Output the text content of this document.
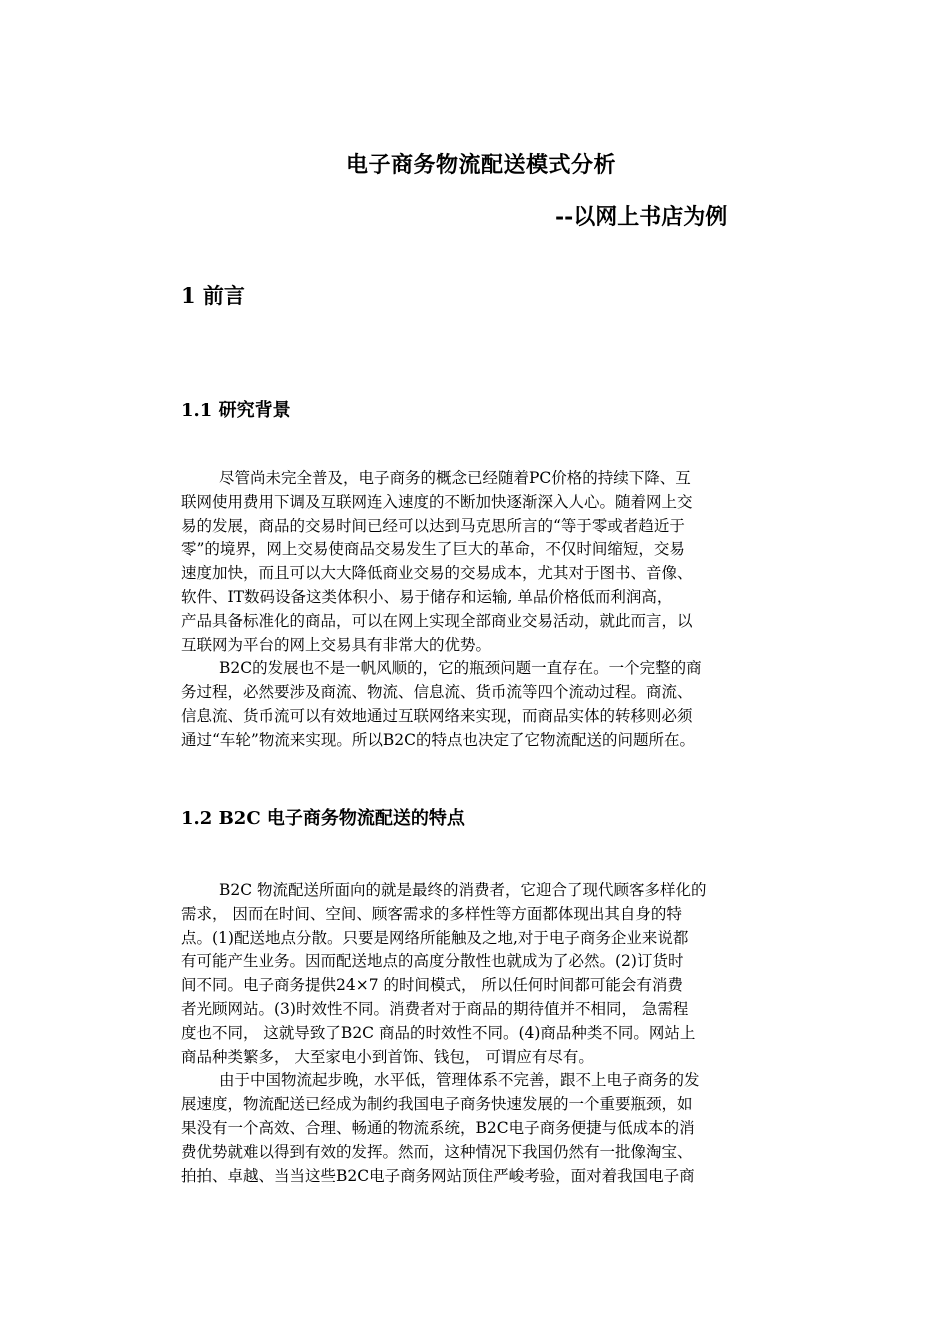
电子商务物流配送模式分析
--以网上书店为例
1 前言
1.1 研究背景
尽管尚未完全普及，电子商务的概念已经随着PC价格的持续下降、互
联网使用费用下调及互联网连入速度的不断加快逐渐深入人心。随着网上交
易的发展，商品的交易时间已经可以达到马克思所言的“等于零或者趋近于
零”的境界，网上交易使商品交易发生了巨大的革命，不仅时间缩短，交易
速度加快，而且可以大大降低商业交易的交易成本，尤其对于图书、音像、
软件、IT数码设备这类体积小、易于储存和运输, 单品价格低而利润高，
产品具备标准化的商品，可以在网上实现全部商业交易活动，就此而言，以
互联网为平台的网上交易具有非常大的优势。
B2C的发展也不是一帆风顺的，它的瓶颈问题一直存在。一个完整的商
务过程，必然要涉及商流、物流、信息流、货币流等四个流动过程。商流、
信息流、货币流可以有效地通过互联网络来实现，而商品实体的转移则必须
通过“车轮”物流来实现。所以B2C的特点也决定了它物流配送的问题所在。
1.2 B2C 电子商务物流配送的特点
B2C 物流配送所面向的就是最终的消费者，它迎合了现代顾客多样化的
需求， 因而在时间、空间、顾客需求的多样性等方面都体现出其自身的特
点。(1)配送地点分散。只要是网络所能触及之地,对于电子商务企业来说都
有可能产生业务。因而配送地点的高度分散性也就成为了必然。(2)订货时
间不同。电子商务提供24×7 的时间模式， 所以任何时间都可能会有消费
者光顾网站。(3)时效性不同。消费者对于商品的期待值并不相同， 急需程
度也不同， 这就导致了B2C 商品的时效性不同。(4)商品种类不同。网站上
商品种类繁多， 大至家电小到首饰、钱包， 可谓应有尽有。
由于中国物流起步晚，水平低，管理体系不完善，跟不上电子商务的发
展速度，物流配送已经成为制约我国电子商务快速发展的一个重要瓶颈，如
果没有一个高效、合理、畅通的物流系统，B2C电子商务便捷与低成本的消
费优势就难以得到有效的发挥。然而，这种情况下我国仍然有一批像淘宝、
拍拍、卓越、当当这些B2C电子商务网站顶住严峻考验，面对着我国电子商
